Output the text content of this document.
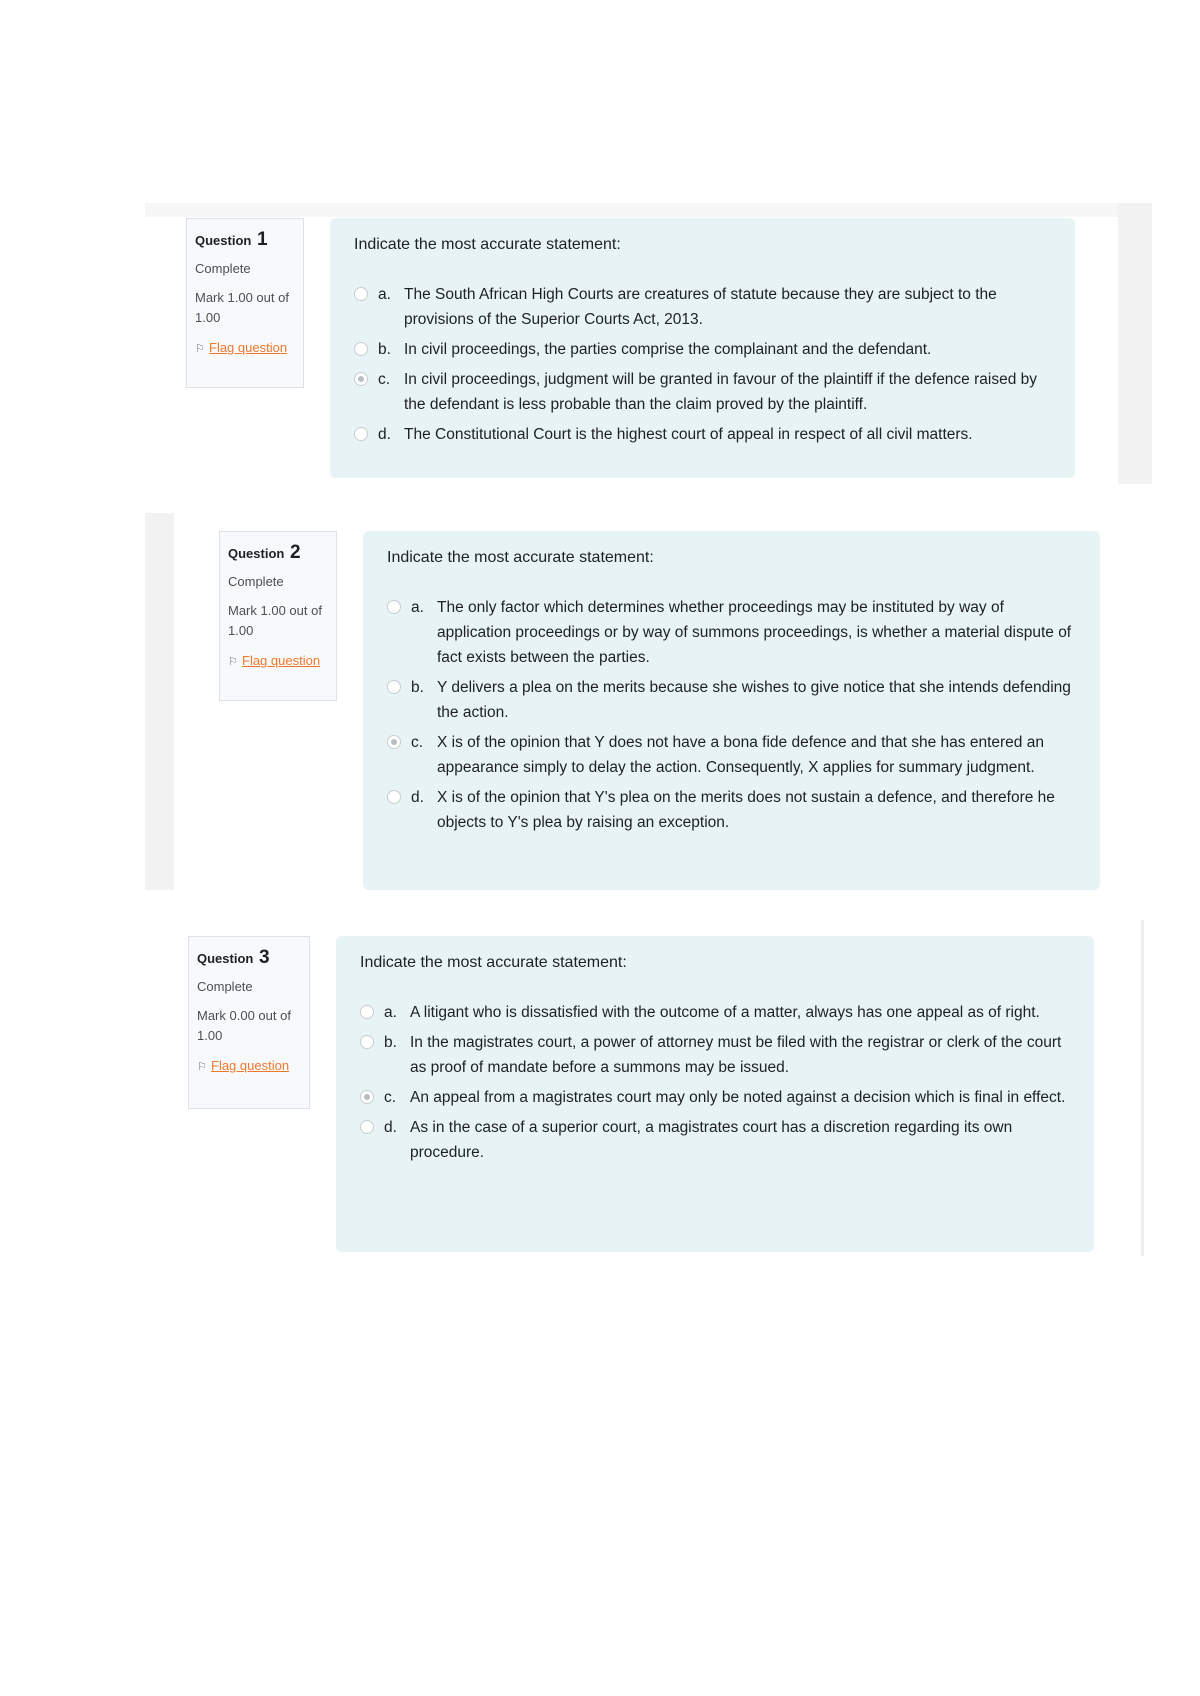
Question 1
Complete
Mark 1.00 out of 1.00
⚐ Flag question
Indicate the most accurate statement:
a. The South African High Courts are creatures of statute because they are subject to the provisions of the Superior Courts Act, 2013.
b. In civil proceedings, the parties comprise the complainant and the defendant.
c. In civil proceedings, judgment will be granted in favour of the plaintiff if the defence raised by the defendant is less probable than the claim proved by the plaintiff.
d. The Constitutional Court is the highest court of appeal in respect of all civil matters.
Question 2
Complete
Mark 1.00 out of 1.00
⚐ Flag question
Indicate the most accurate statement:
a. The only factor which determines whether proceedings may be instituted by way of application proceedings or by way of summons proceedings, is whether a material dispute of fact exists between the parties.
b. Y delivers a plea on the merits because she wishes to give notice that she intends defending the action.
c. X is of the opinion that Y does not have a bona fide defence and that she has entered an appearance simply to delay the action. Consequently, X applies for summary judgment.
d. X is of the opinion that Y's plea on the merits does not sustain a defence, and therefore he objects to Y's plea by raising an exception.
Question 3
Complete
Mark 0.00 out of 1.00
⚐ Flag question
Indicate the most accurate statement:
a. A litigant who is dissatisfied with the outcome of a matter, always has one appeal as of right.
b. In the magistrates court, a power of attorney must be filed with the registrar or clerk of the court as proof of mandate before a summons may be issued.
c. An appeal from a magistrates court may only be noted against a decision which is final in effect.
d. As in the case of a superior court, a magistrates court has a discretion regarding its own procedure.
